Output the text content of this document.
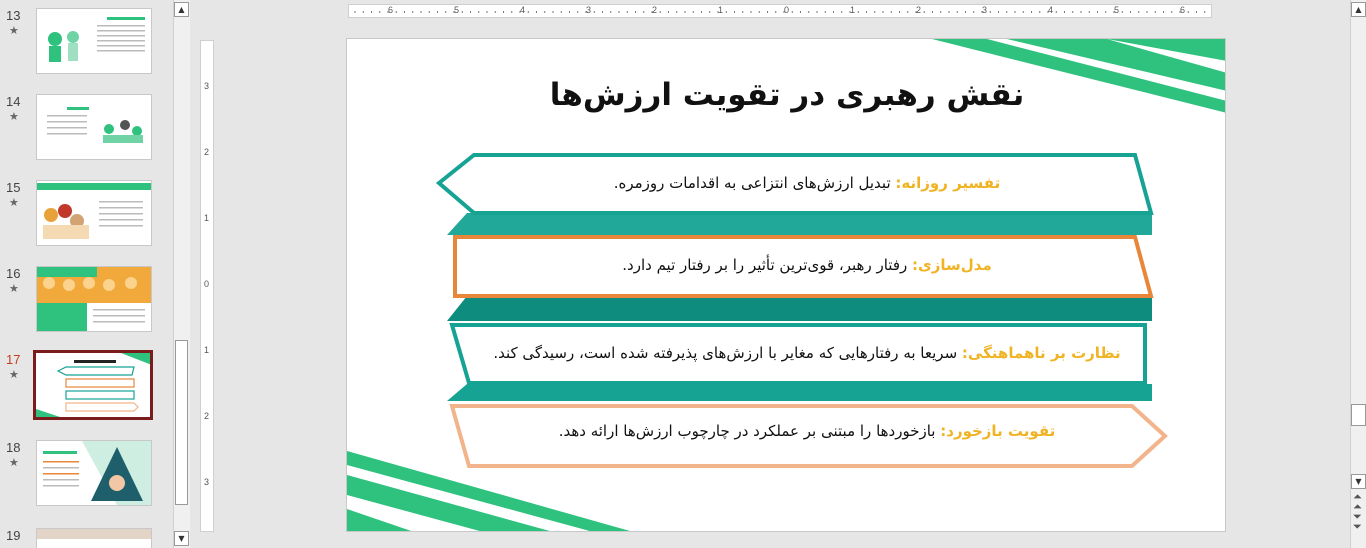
13
★
14
★
15
★
16
★
17
★
18
★
19
▲
▼
6	5	4	3	2	1	0	1	2	3	4	5	6
3
2
1
0
1
2
3
نقش رهبری در تقویت ارزش‌ها
تفسیر روزانه: تبدیل ارزش‌های انتزاعی به اقدامات روزمره.
مدل‌سازی: رفتار رهبر، قوی‌ترین تأثیر را بر رفتار تیم دارد.
نظارت بر ناهماهنگی: سریعا به رفتارهایی که مغایر با ارزش‌های پذیرفته شده است، رسیدگی کند.
تقویت بازخورد: بازخوردها را مبتنی بر عملکرد در چارچوب ارزش‌ها ارائه دهد.
▲
▼
⏶
⏶
⏷
⏷
